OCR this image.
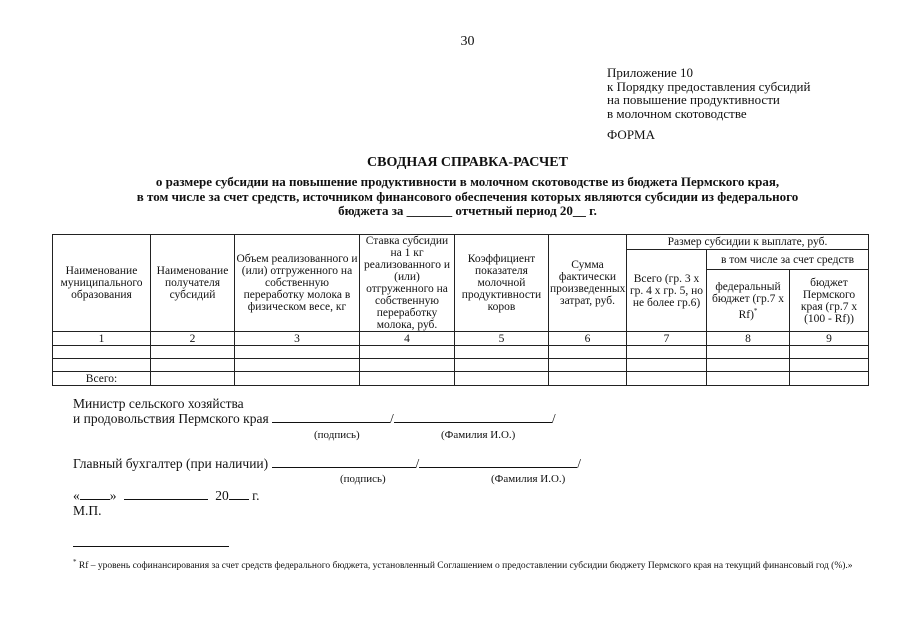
30
Приложение 10
к Порядку предоставления субсидий
на повышение продуктивности
в молочном скотоводстве
ФОРМА
СВОДНАЯ СПРАВКА-РАСЧЕТ
о размере субсидии на повышение продуктивности в молочном скотоводстве из бюджета Пермского края,
в том числе за счет средств, источником финансового обеспечения которых являются субсидии из федерального
бюджета за _______ отчетный период 20__ г.
Наименование муниципального образования	Наименование получателя субсидий	Объем реализованного и (или) отгруженного на собственную переработку молока в физическом весе, кг	Ставка субсидии на 1 кг реализованного и (или) отгруженного на собственную переработку молока, руб.	Коэффициент показателя молочной продуктивности коров	Сумма фактически произведенных затрат, руб.	Размер субсидии к выплате, руб.		
						Всего (гр. 3 х гр. 4 х гр. 5, но не более гр.6)	в том числе за счет средств	
							федеральный бюджет (гр.7 х Rf)*	бюджет Пермского края (гр.7 х (100 - Rf))
1	2	3	4	5	6	7	8	9

Всего:								
Министр сельского хозяйства
и продовольствия Пермского края	/	/
(подпись)	(Фамилия И.О.)
Главный бухгалтер (при наличии)	/	/
(подпись)	(Фамилия И.О.)
« »	20 г.
М.П.
* Rf – уровень софинансирования за счет средств федерального бюджета, установленный Соглашением о предоставлении субсидии бюджету Пермского края на текущий финансовый год (%).»
